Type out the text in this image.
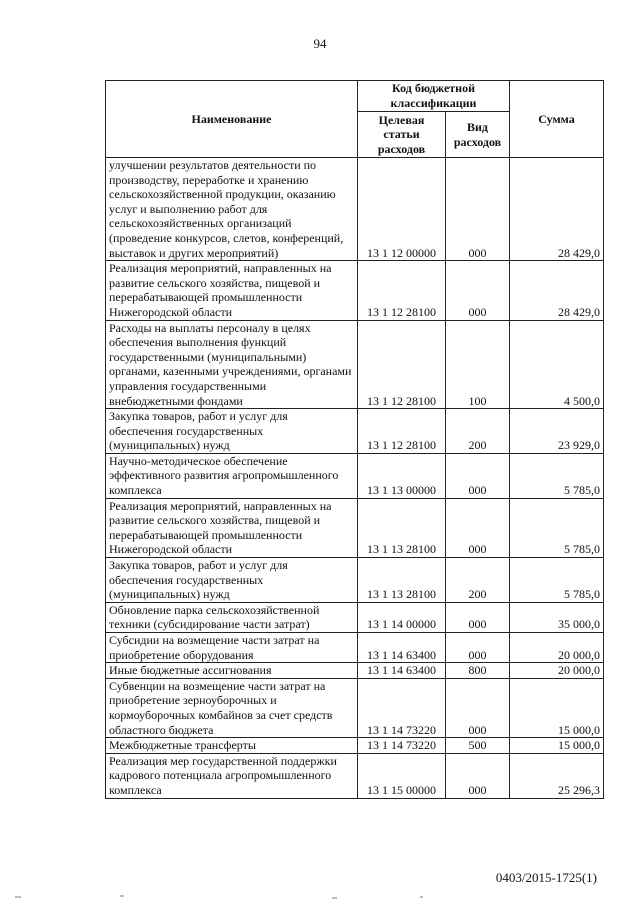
94
Наименование	Код бюджетной классификации		Сумма
	Целевая статьи расходов	Вид расходов	
улучшении результатов деятельности по производству, переработке и хранению сельскохозяйственной продукции, оказанию услуг и выполнению работ для сельскохозяйственных организаций (проведение конкурсов, слетов, конференций, выставок и других мероприятий)	13 1 12 00000	000	28 429,0
Реализация мероприятий, направленных на развитие сельского хозяйства, пищевой и перерабатывающей промышленности Нижегородской области	13 1 12 28100	000	28 429,0
Расходы на выплаты персоналу в целях обеспечения выполнения функций государственными (муниципальными) органами, казенными учреждениями, органами управления государственными внебюджетными фондами	13 1 12 28100	100	4 500,0
Закупка товаров, работ и услуг для обеспечения государственных (муниципальных) нужд	13 1 12 28100	200	23 929,0
Научно-методическое обеспечение эффективного развития агропромышленного комплекса	13 1 13 00000	000	5 785,0
Реализация мероприятий, направленных на развитие сельского хозяйства, пищевой и перерабатывающей промышленности Нижегородской области	13 1 13 28100	000	5 785,0
Закупка товаров, работ и услуг для обеспечения государственных (муниципальных) нужд	13 1 13 28100	200	5 785,0
Обновление парка сельскохозяйственной техники (субсидирование части затрат)	13 1 14 00000	000	35 000,0
Субсидии на возмещение части затрат на приобретение оборудования	13 1 14 63400	000	20 000,0
Иные бюджетные ассигнования	13 1 14 63400	800	20 000,0
Субвенции на возмещение части затрат на приобретение зерноуборочных и кормоуборочных комбайнов за счет средств областного бюджета	13 1 14 73220	000	15 000,0
Межбюджетные трансферты	13 1 14 73220	500	15 000,0
Реализация мер государственной поддержки кадрового потенциала агропромышленного комплекса	13 1 15 00000	000	25 296,3
0403/2015-1725(1)
